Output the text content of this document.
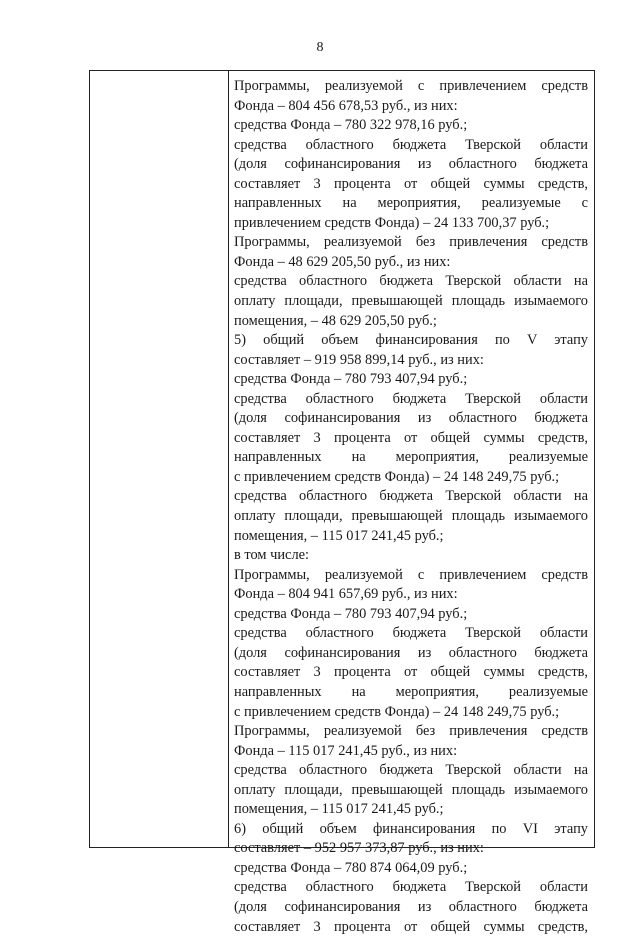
8
Программы, реализуемой с привлечением средств
Фонда – 804 456 678,53 руб., из них:
средства Фонда – 780 322 978,16 руб.;
средства областного бюджета Тверской области
(доля софинансирования из областного бюджета
составляет 3 процента от общей суммы средств,
направленных на мероприятия, реализуемые с
привлечением средств Фонда) – 24 133 700,37 руб.;
Программы, реализуемой без привлечения средств
Фонда – 48 629 205,50 руб., из них:
средства областного бюджета Тверской области на
оплату площади, превышающей площадь изымаемого
помещения, – 48 629 205,50 руб.;
5) общий объем финансирования по V этапу
составляет – 919 958 899,14 руб., из них:
средства Фонда – 780 793 407,94 руб.;
средства областного бюджета Тверской области
(доля софинансирования из областного бюджета
составляет 3 процента от общей суммы средств,
направленных на мероприятия, реализуемые
с привлечением средств Фонда) – 24 148 249,75 руб.;
средства областного бюджета Тверской области на
оплату площади, превышающей площадь изымаемого
помещения, – 115 017 241,45 руб.;
в том числе:
Программы, реализуемой с привлечением средств
Фонда – 804 941 657,69 руб., из них:
средства Фонда – 780 793 407,94 руб.;
средства областного бюджета Тверской области
(доля софинансирования из областного бюджета
составляет 3 процента от общей суммы средств,
направленных на мероприятия, реализуемые
с привлечением средств Фонда) – 24 148 249,75 руб.;
Программы, реализуемой без привлечения средств
Фонда – 115 017 241,45 руб., из них:
средства областного бюджета Тверской области на
оплату площади, превышающей площадь изымаемого
помещения, – 115 017 241,45 руб.;
6) общий объем финансирования по VI этапу
составляет – 952 957 373,87 руб., из них:
средства Фонда – 780 874 064,09 руб.;
средства областного бюджета Тверской области
(доля софинансирования из областного бюджета
составляет 3 процента от общей суммы средств,
